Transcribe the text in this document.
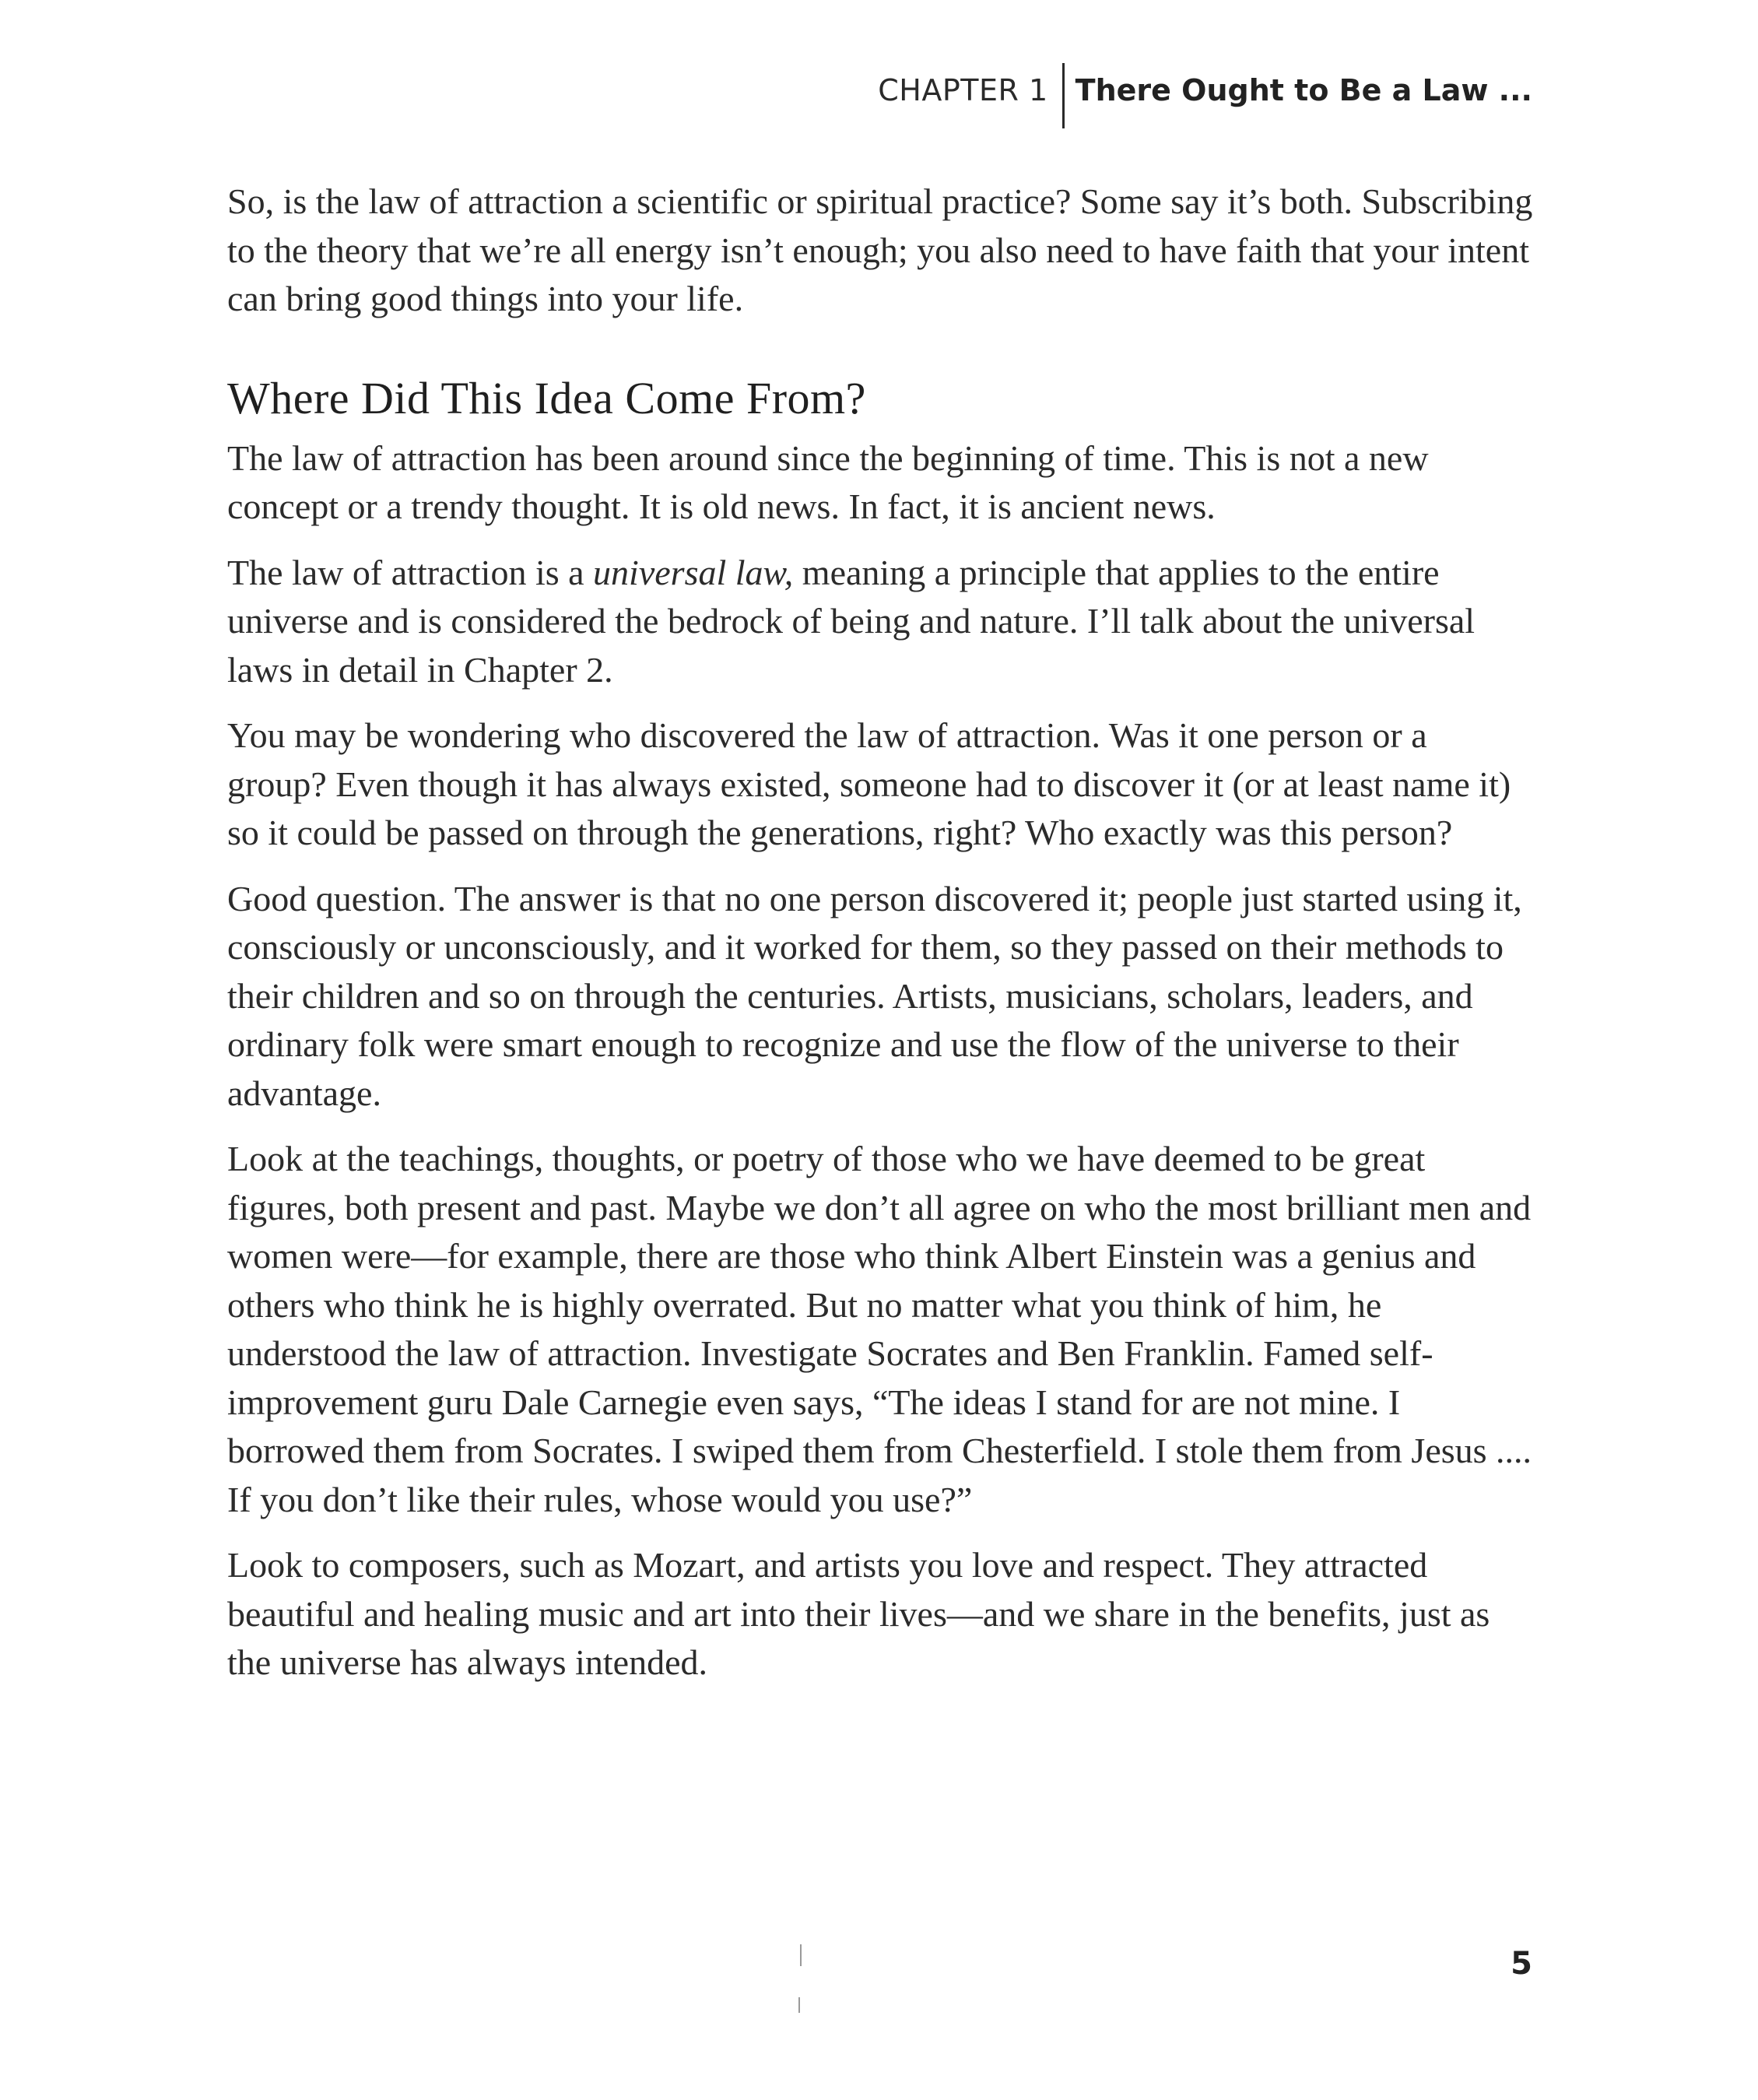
CHAPTER 1 There Ought to Be a Law ...

So, is the law of attraction a scientific or spiritual practice? Some say it’s both. Subscribing to the theory that we’re all energy isn’t enough; you also need to have faith that your intent can bring good things into your life.

Where Did This Idea Come From?

The law of attraction has been around since the beginning of time. This is not a new concept or a trendy thought. It is old news. In fact, it is ancient news.

The law of attraction is a universal law, meaning a principle that applies to the entire universe and is considered the bedrock of being and nature. I’ll talk about the universal laws in detail in Chapter 2.

You may be wondering who discovered the law of attraction. Was it one person or a group? Even though it has always existed, someone had to discover it (or at least name it) so it could be passed on through the generations, right? Who exactly was this person?

Good question. The answer is that no one person discovered it; people just started using it, consciously or unconsciously, and it worked for them, so they passed on their methods to their children and so on through the centuries. Artists, musicians, scholars, leaders, and ordinary folk were smart enough to recognize and use the flow of the universe to their advantage.

Look at the teachings, thoughts, or poetry of those who we have deemed to be great figures, both present and past. Maybe we don’t all agree on who the most brilliant men and women were—for example, there are those who think Albert Einstein was a genius and others who think he is highly overrated. But no matter what you think of him, he understood the law of attraction. Investigate Socrates and Ben Franklin. Famed self-improvement guru Dale Carnegie even says, “The ideas I stand for are not mine. I borrowed them from Socrates. I swiped them from Chesterfield. I stole them from Jesus .... If you don’t like their rules, whose would you use?”

Look to composers, such as Mozart, and artists you love and respect. They attracted beautiful and healing music and art into their lives—and we share in the benefits, just as the universe has always intended.

5
